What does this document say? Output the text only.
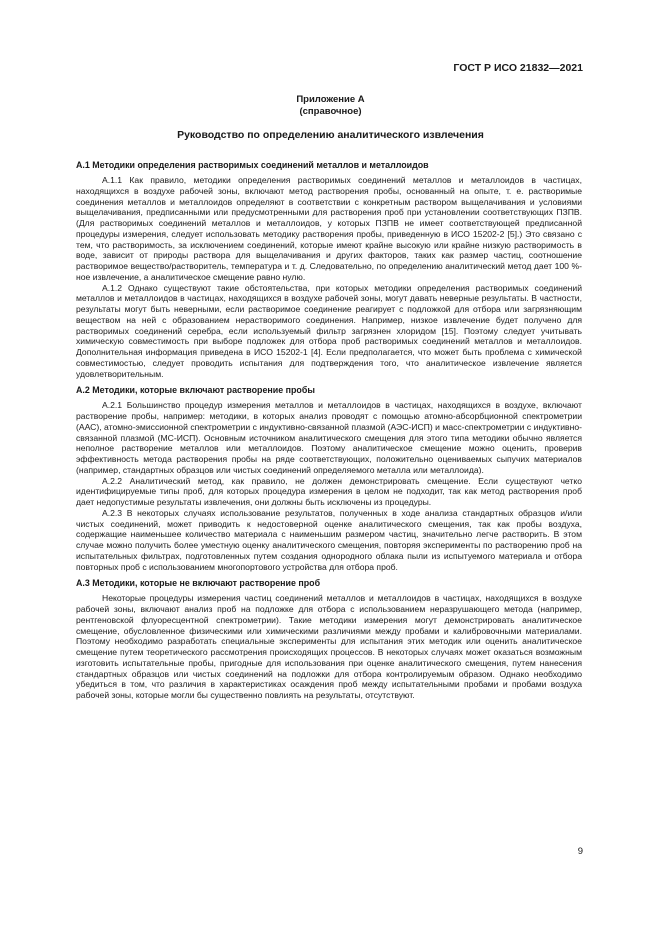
ГОСТ Р ИСО 21832—2021
Приложение А
(справочное)
Руководство по определению аналитического извлечения
А.1 Методики определения растворимых соединений металлов и металлоидов

А.1.1 Как правило, методики определения растворимых соединений металлов и металлоидов в частицах, находящихся в воздухе рабочей зоны, включают метод растворения пробы, основанный на опыте, т. е. растворимые соединения металлов и металлоидов определяют в соответствии с конкретным раствором выщелачивания и условиями выщелачивания, предписанными или предусмотренными для растворения проб при установлении соответствующих ПЗПВ. (Для растворимых соединений металлов и металлоидов, у которых ПЗПВ не имеет соответствующей предписанной процедуры измерения, следует использовать методику растворения пробы, приведенную в ИСО 15202-2 [5].) Это связано с тем, что растворимость, за исключением соединений, которые имеют крайне высокую или крайне низкую растворимость в воде, зависит от природы раствора для выщелачивания и других факторов, таких как размер частиц, соотношение растворимое вещество/растворитель, температура и т. д. Следовательно, по определению аналитический метод дает 100 %-ное извлечение, а аналитическое смещение равно нулю.

А.1.2 Однако существуют такие обстоятельства, при которых методики определения растворимых соединений металлов и металлоидов в частицах, находящихся в воздухе рабочей зоны, могут давать неверные результаты. В частности, результаты могут быть неверными, если растворимое соединение реагирует с подложкой для отбора или загрязняющим веществом на ней с образованием нерастворимого соединения. Например, низкое извлечение будет получено для растворимых соединений серебра, если используемый фильтр загрязнен хлоридом [15]. Поэтому следует учитывать химическую совместимость при выборе подложек для отбора проб растворимых соединений металлов и металлоидов. Дополнительная информация приведена в ИСО 15202-1 [4]. Если предполагается, что может быть проблема с химической совместимостью, следует проводить испытания для подтверждения того, что аналитическое извлечение является удовлетворительным.

А.2 Методики, которые включают растворение пробы

А.2.1 Большинство процедур измерения металлов и металлоидов в частицах, находящихся в воздухе, включают растворение пробы, например: методики, в которых анализ проводят с помощью атомно-абсорбционной спектрометрии (ААС), атомно-эмиссионной спектрометрии с индуктивно-связанной плазмой (АЭС-ИСП) и масс-спектрометрии с индуктивно-связанной плазмой (МС-ИСП). Основным источником аналитического смещения для этого типа методики обычно является неполное растворение металлов или металлоидов. Поэтому аналитическое смещение можно оценить, проверив эффективность метода растворения пробы на ряде соответствующих, положительно оцениваемых сыпучих материалов (например, стандартных образцов или чистых соединений определяемого металла или металлоида).

А.2.2 Аналитический метод, как правило, не должен демонстрировать смещение. Если существуют четко идентифицируемые типы проб, для которых процедура измерения в целом не подходит, так как метод растворения проб дает недопустимые результаты извлечения, они должны быть исключены из процедуры.

А.2.3 В некоторых случаях использование результатов, полученных в ходе анализа стандартных образцов и/или чистых соединений, может приводить к недостоверной оценке аналитического смещения, так как пробы воздуха, содержащие наименьшее количество материала с наименьшим размером частиц, значительно легче растворить. В этом случае можно получить более уместную оценку аналитического смещения, повторяя эксперименты по растворению проб на испытательных фильтрах, подготовленных путем создания однородного облака пыли из испытуемого материала и отбора повторных проб с использованием многопортового устройства для отбора проб.

А.3 Методики, которые не включают растворение проб

Некоторые процедуры измерения частиц соединений металлов и металлоидов в частицах, находящихся в воздухе рабочей зоны, включают анализ проб на подложке для отбора с использованием неразрушающего метода (например, рентгеновской флуоресцентной спектрометрии). Такие методики измерения могут демонстрировать аналитическое смещение, обусловленное физическими или химическими различиями между пробами и калибровочными материалами. Поэтому необходимо разработать специальные эксперименты для испытания этих методик или оценить аналитическое смещение путем теоретического рассмотрения происходящих процессов. В некоторых случаях может оказаться возможным изготовить испытательные пробы, пригодные для использования при оценке аналитического смещения, путем нанесения стандартных образцов или чистых соединений на подложки для отбора контролируемым образом. Однако необходимо убедиться в том, что различия в характеристиках осаждения проб между испытательными пробами и пробами воздуха рабочей зоны, которые могли бы существенно повлиять на результаты, отсутствуют.

9
